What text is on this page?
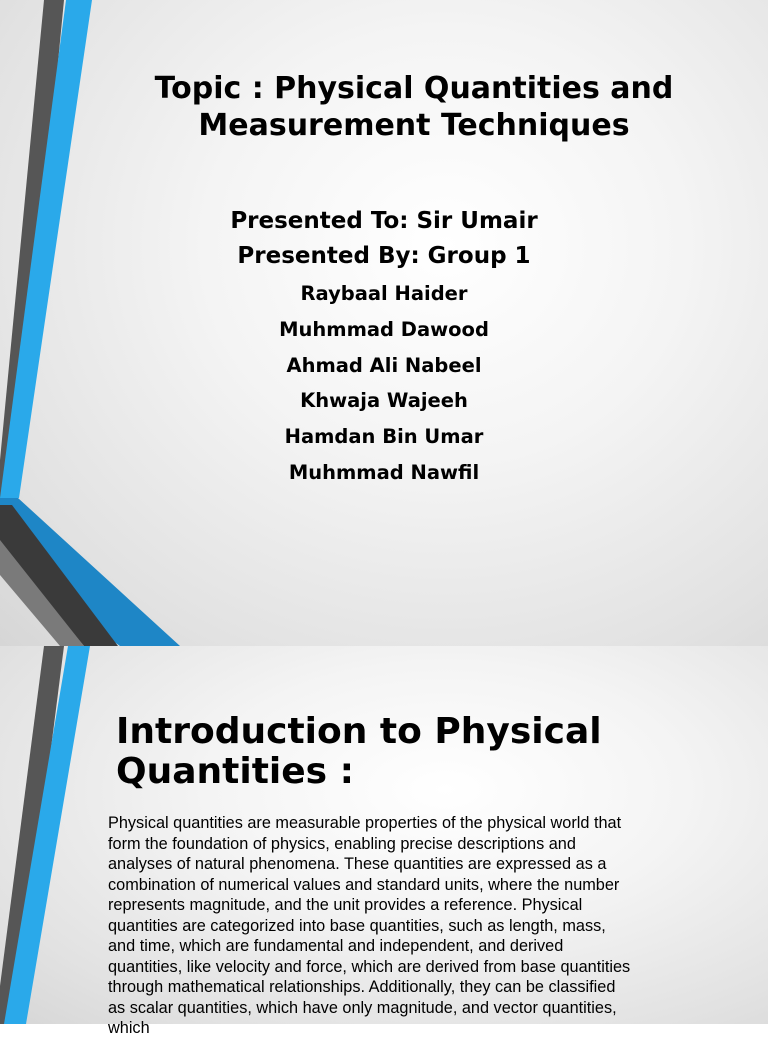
Topic : Physical Quantities and
Measurement Techniques

Presented To: Sir Umair

Presented By: Group 1

Raybaal Haider
Muhmmad Dawood
Ahmad Ali Nabeel
Khwaja Wajeeh
Hamdan Bin Umar
Muhmmad Nawfil
Introduction to Physical
Quantities :

Physical quantities are measurable properties of the physical world that form the foundation of physics, enabling precise descriptions and analyses of natural phenomena. These quantities are expressed as a combination of numerical values and standard units, where the number represents magnitude, and the unit provides a reference. Physical quantities are categorized into base quantities, such as length, mass, and time, which are fundamental and independent, and derived quantities, like velocity and force, which are derived from base quantities through mathematical relationships. Additionally, they can be classified as scalar quantities, which have only magnitude, and vector quantities, which
